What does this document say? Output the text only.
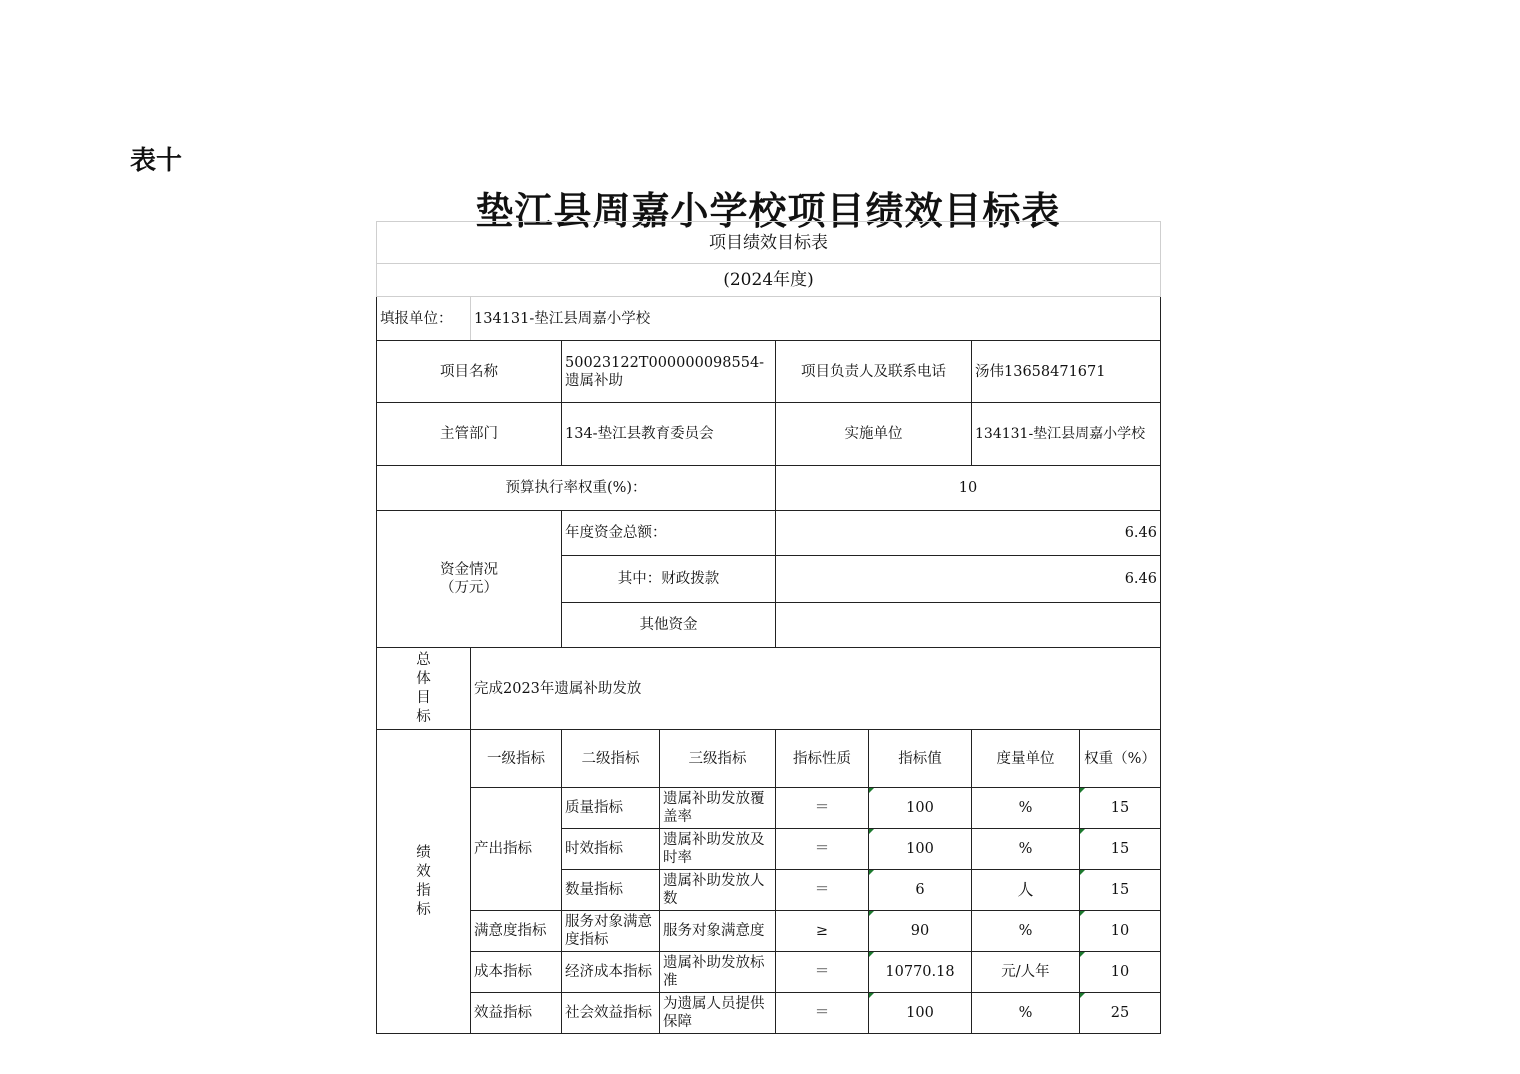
表十
垫江县周嘉小学校项目绩效目标表
项目绩效目标表							
(2024年度)							
填报单位：	134131-垫江县周嘉小学校						
项目名称		50023122T000000098554-遗属补助		项目负责人及联系电话		汤伟13658471671	
主管部门		134-垫江县教育委员会		实施单位		134131-垫江县周嘉小学校	
预算执行率权重(%)：				10			

资金情况
（万元）		年度资金总额：		6.46			
		其中：财政拨款		6.46			
		其他资金					

总
体
目
标	完成2023年遗属补助发放						

绩
效
指
标	一级指标	二级指标	三级指标	指标性质	指标值	度量单位	权重（%）
	产出指标	质量指标	遗属补助发放覆盖率	＝	100	%	15
		时效指标	遗属补助发放及时率	＝	100	%	15
		数量指标	遗属补助发放人数	＝	6	人	15
	满意度指标	服务对象满意度指标	服务对象满意度	≥	90	%	10
	成本指标	经济成本指标	遗属补助发放标准	＝	10770.18	元/人年	10
	效益指标	社会效益指标	为遗属人员提供保障	＝	100	%	25
